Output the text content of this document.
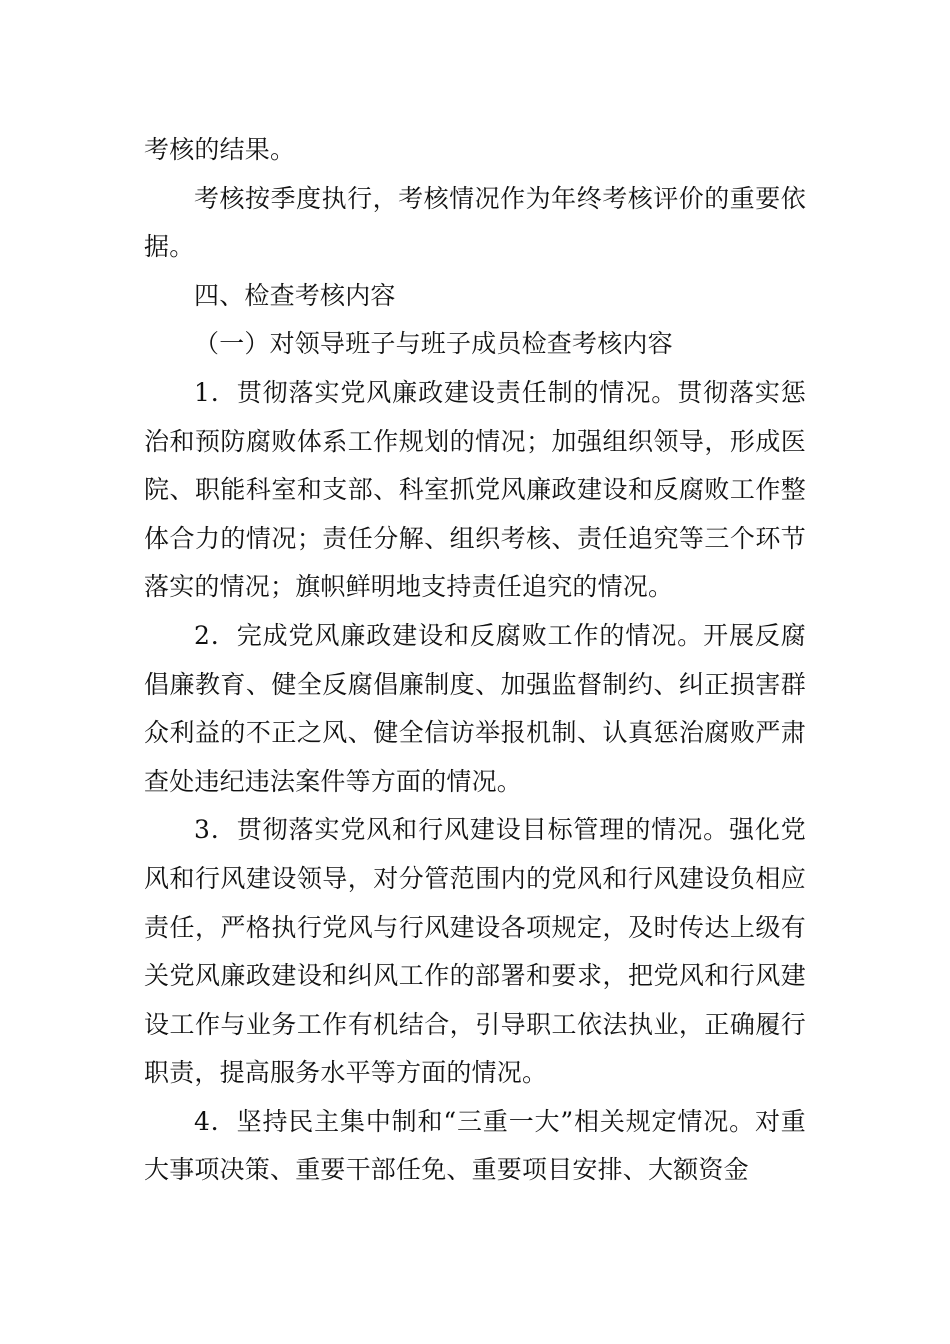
考核的结果。

考核按季度执行，考核情况作为年终考核评价的重要依据。

四、检查考核内容

（一）对领导班子与班子成员检查考核内容

1．贯彻落实党风廉政建设责任制的情况。贯彻落实惩治和预防腐败体系工作规划的情况；加强组织领导，形成医院、职能科室和支部、科室抓党风廉政建设和反腐败工作整体合力的情况；责任分解、组织考核、责任追究等三个环节落实的情况；旗帜鲜明地支持责任追究的情况。

2．完成党风廉政建设和反腐败工作的情况。开展反腐倡廉教育、健全反腐倡廉制度、加强监督制约、纠正损害群众利益的不正之风、健全信访举报机制、认真惩治腐败严肃查处违纪违法案件等方面的情况。

3．贯彻落实党风和行风建设目标管理的情况。强化党风和行风建设领导，对分管范围内的党风和行风建设负相应责任，严格执行党风与行风建设各项规定，及时传达上级有关党风廉政建设和纠风工作的部署和要求，把党风和行风建设工作与业务工作有机结合，引导职工依法执业，正确履行职责，提高服务水平等方面的情况。

4．坚持民主集中制和“三重一大”相关规定情况。对重大事项决策、重要干部任免、重要项目安排、大额资金
